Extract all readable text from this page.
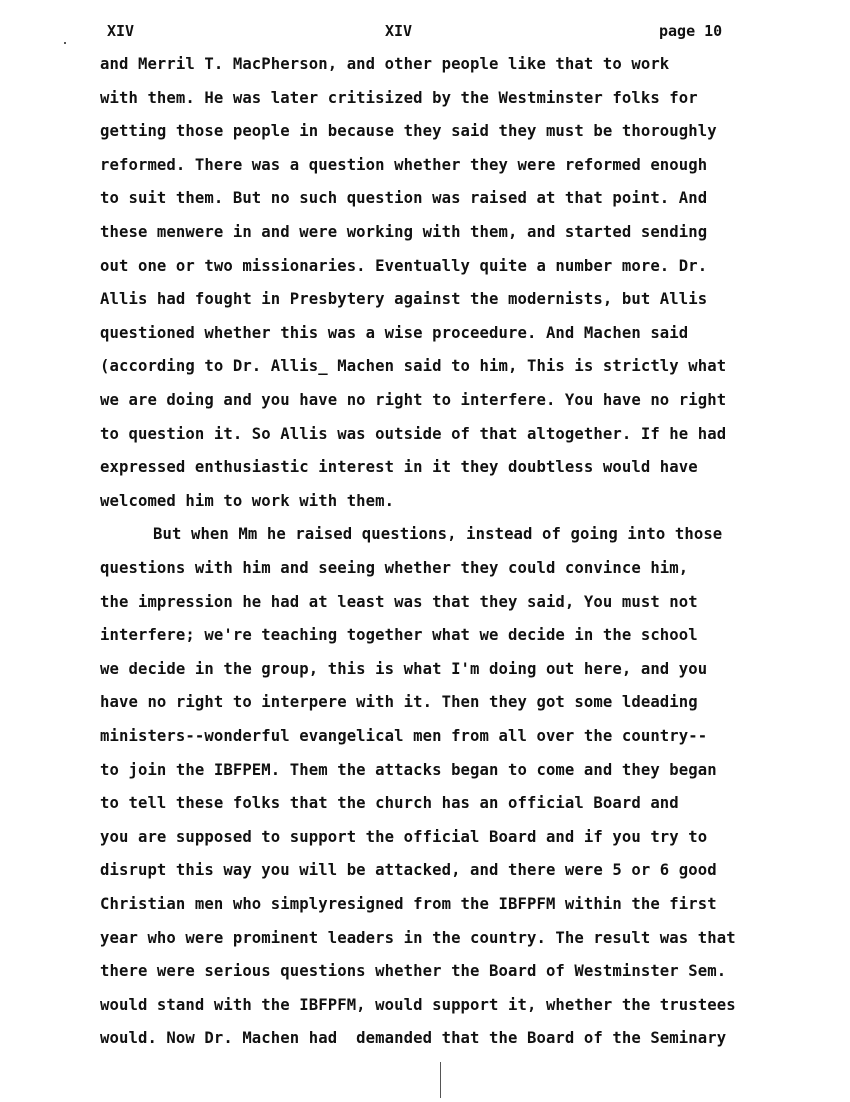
XIV	XIV	page 10
and Merril T. MacPherson, and other people like that to work
with them. He was later critisized by the Westminster folks for
getting those people in because they said they must be thoroughly
reformed. There was a question whether they were reformed enough
to suit them. But no such question was raised at that point. And
these menwere in and were working with them, and started sending
out one or two missionaries. Eventually quite a number more. Dr.
Allis had fought in Presbytery against the modernists, but Allis
questioned whether this was a wise proceedure. And Machen said
(according to Dr. Allis_ Machen said to him, This is strictly what
we are doing and you have no right to interfere. You have no right
to question it. So Allis was outside of that altogether. If he had
expressed enthusiastic interest in it they doubtless would have
welcomed him to work with them.
But when Mm he raised questions, instead of going into those
questions with him and seeing whether they could convince him,
the impression he had at least was that they said, You must not
interfere; we're teaching together what we decide in the school
we decide in the group, this is what I'm doing out here, and you
have no right to interpere with it. Then they got some ldeading
ministers--wonderful evangelical men from all over the country--
to join the IBFPEM. Them the attacks began to come and they began
to tell these folks that the church has an official Board and
you are supposed to support the official Board and if you try to
disrupt this way you will be attacked, and there were 5 or 6 good
Christian men who simplyresigned from the IBFPFM within the first
year who were prominent leaders in the country. The result was that
there were serious questions whether the Board of Westminster Sem.
would stand with the IBFPFM, would support it, whether the trustees
would. Now Dr. Machen had  demanded that the Board of the Seminary
